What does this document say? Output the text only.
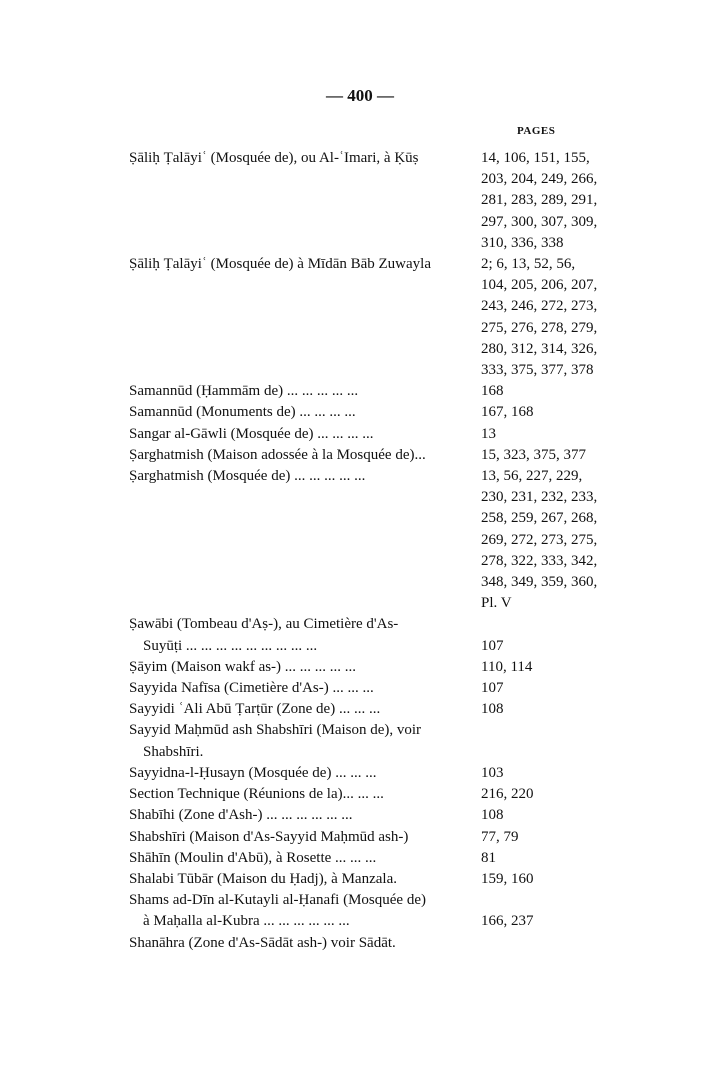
— 400 —
PAGES
Ṣāliḥ Ṭalāyiʿ (Mosquée de), ou Al-ʿImari, à Ḳūṣ	14, 106, 151, 155,
203, 204, 249, 266,
281, 283, 289, 291,
297, 300, 307, 309,
310, 336, 338
Ṣāliḥ Ṭalāyiʿ (Mosquée de) à Mīdān Bāb Zuwayla	2; 6, 13, 52, 56,
104, 205, 206, 207,
243, 246, 272, 273,
275, 276, 278, 279,
280, 312, 314, 326,
333, 375, 377, 378
Samannūd (Ḥammām de) ... ... ... ... ...	168
Samannūd (Monuments de) ... ... ... ...	167, 168
Sangar al-Gāwli (Mosquée de) ... ... ... ...	13
Ṣarghatmish (Maison adossée à la Mosquée de)...	15, 323, 375, 377
Ṣarghatmish (Mosquée de) ... ... ... ... ...	13, 56, 227, 229,
230, 231, 232, 233,
258, 259, 267, 268,
269, 272, 273, 275,
278, 322, 333, 342,
348, 349, 359, 360,
Pl. V
Ṣawābi (Tombeau d'Aṣ-), au Cimetière d'As-
Suyūṭi ... ... ... ... ... ... ... ... ...
	107
Ṣāyim (Maison wakf as-) ... ... ... ... ...	110, 114
Sayyida Nafīsa (Cimetière d'As-) ... ... ...	107
Sayyidi ʿAli Abū Ṭarṭūr (Zone de) ... ... ...	108
Sayyid Maḥmūd ash Shabshīri (Maison de), voir
Shabshīri.
Sayyidna-l-Ḥusayn (Mosquée de) ... ... ...	103
Section Technique (Réunions de la)... ... ...	216, 220
Shabīhi (Zone d'Ash-) ... ... ... ... ... ...	108
Shabshīri (Maison d'As-Sayyid Maḥmūd ash-)	77, 79
Shāhīn (Moulin d'Abū), à Rosette ... ... ...	81
Shalabi Tūbār (Maison du Ḥadj), à Manzala.	159, 160
Shams ad-Dīn al-Kutayli al-Ḥanafi (Mosquée de)
à Maḥalla al-Kubra ... ... ... ... ... ...
	166, 237
Shanāhra (Zone d'As-Sādāt ash-) voir Sādāt.
